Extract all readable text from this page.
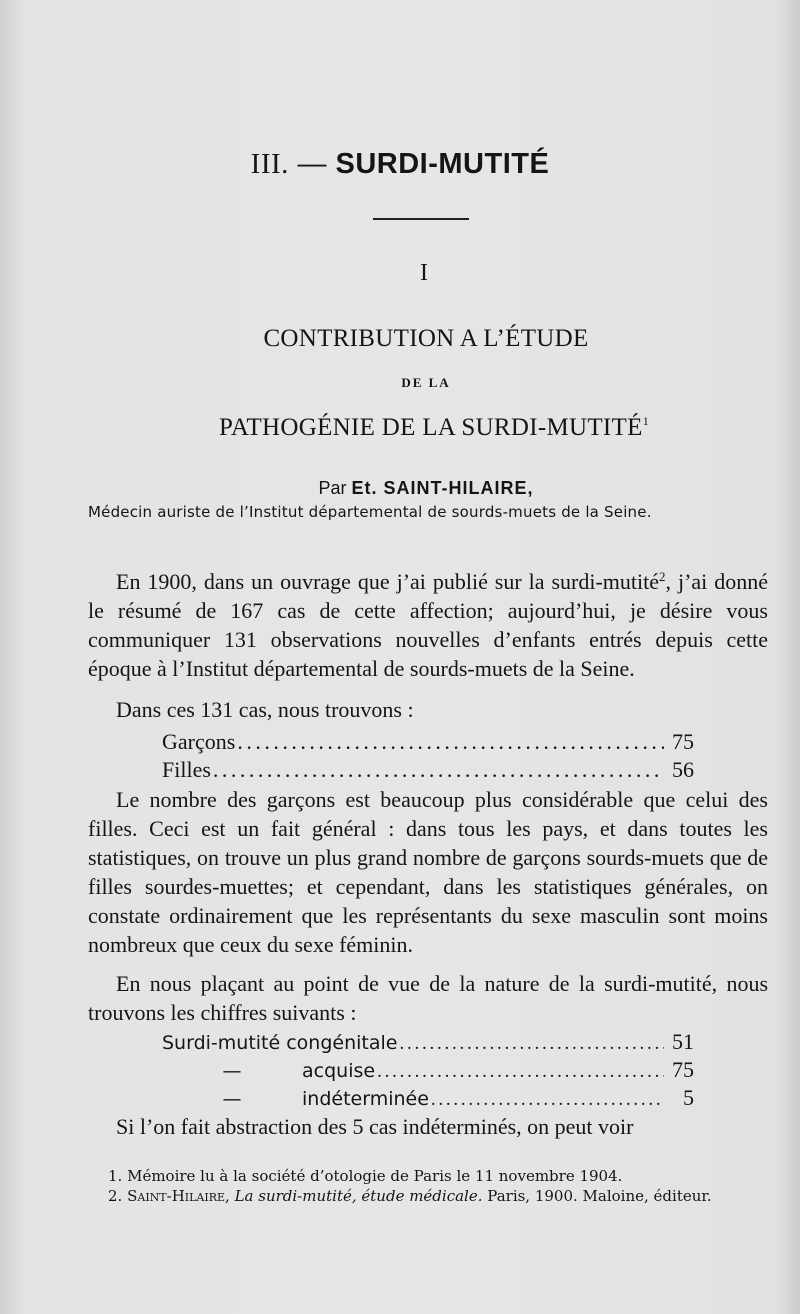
III. — SURDI-MUTITÉ
I
CONTRIBUTION A L’ÉTUDE
DE LA
PATHOGÉNIE DE LA SURDI-MUTITÉ$^1$
Par Et. SAINT-HILAIRE,
Médecin auriste de l’Institut départemental de sourds-muets de la Seine.

En 1900, dans un ouvrage que j’ai publié sur la surdi-mutité$^2$, j’ai donné le résumé de 167 cas de cette affection; aujourd’hui, je désire vous communiquer 131 observations nouvelles d’enfants entrés depuis cette époque à l’Institut départemental de sourds-muets de la Seine.

Dans ces 131 cas, nous trouvons :

Garçons . . .	75
Filles . . .	56

Le nombre des garçons est beaucoup plus considérable que celui des filles. Ceci est un fait général : dans tous les pays, et dans toutes les statistiques, on trouve un plus grand nombre de garçons sourds-muets que de filles sourdes-muettes; et cependant, dans les statistiques générales, on constate ordinairement que les représentants du sexe masculin sont moins nombreux que ceux du sexe féminin.

En nous plaçant au point de vue de la nature de la surdi-mutité, nous trouvons les chiffres suivants :

Surdi-mutité congénitale . . .	51
—	acquise . . .	75
—	indéterminée . . .	5

Si l’on fait abstraction des 5 cas indéterminés, on peut voir

1. Mémoire lu à la société d’otologie de Paris le 11 novembre 1904.

2. Saint-Hilaire, La surdi-mutité, étude médicale. Paris, 1900. Maloine, éditeur.
